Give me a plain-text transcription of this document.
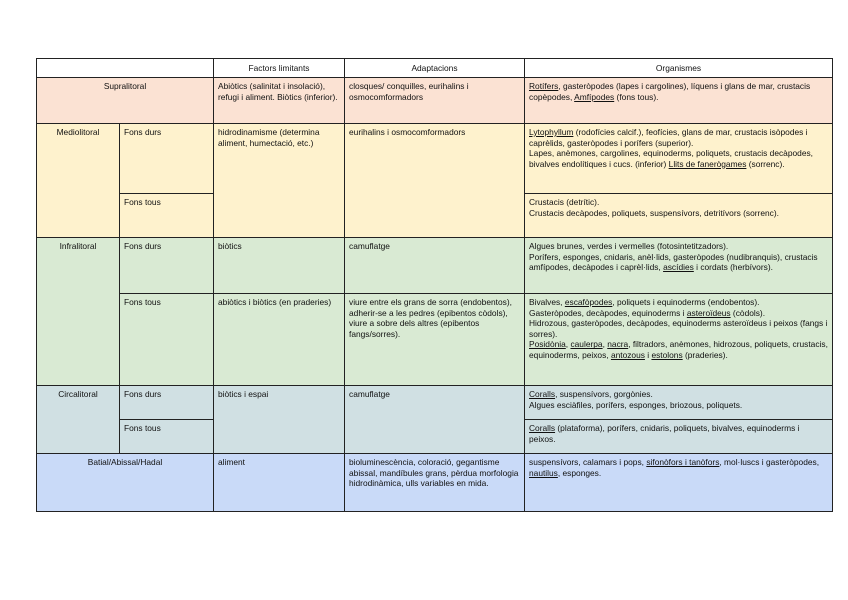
		Factors limitants	Adaptacions	Organismes
Supralitoral		Abiòtics (salinitat i insolació), refugi i aliment. Biòtics (inferior).	closques/ conquilles, eurihalins i osmocomformadors	Rotífers, gasteròpodes (lapes i cargolines), líquens i glans de mar, crustacis copèpodes, Amfípodes (fons tous).
Mediolitoral	Fons durs	hidrodinamisme (determina aliment, humectació, etc.)	eurihalins i osmocomformadors	Lytophyllum (rodofícies calcif.), feofícies, glans de mar, crustacis isòpodes i caprèlids, gasteròpodes i porífers (superior).
Lapes, anèmones, cargolines, equinoderms, poliquets, crustacis decàpodes, bivalves endolítiques i cucs. (inferior) Llits de fanerògames (sorrenc).

	Fons tous			Crustacis (detrític).
Crustacis decàpodes, poliquets, suspensívors, detritívors (sorrenc).

Infralitoral	Fons durs	biòtics	camuflatge	Algues brunes, verdes i vermelles (fotosintetitzadors).
Porífers, esponges, cnidaris, anèl·lids, gasteròpodes (nudibranquis), crustacis amfípodes, decàpodes i caprèl·lids, ascídies i cordats (herbívors).

	Fons tous	abiòtics i biòtics (en praderies)	viure entre els grans de sorra (endobentos), adherir-se a les pedres (epibentos còdols), viure a sobre dels altres (epibentos fangs/sorres).	Bivalves, escafòpodes, poliquets i equinoderms (endobentos).
Gasteròpodes, decàpodes, equinoderms i asteroïdeus (còdols).
Hidrozous, gasteròpodes, decàpodes, equinoderms asteroïdeus i peixos (fangs i sorres).
Posidònia, caulerpa, nacra, filtradors, anèmones, hidrozous, poliquets, crustacis, equinoderms, peixos, antozous i estolons (praderies).

Circalitoral	Fons durs	biòtics i espai	camuflatge	Coralls, suspensívors, gorgònies.
Algues esciàfiles, porífers, esponges, briozous, poliquets.

	Fons tous			Coralls (plataforma), porífers, cnidaris, poliquets, bivalves, equinoderms i peixos.
Batial/Abissal/Hadal		aliment	bioluminescència, coloració, gegantisme abissal, mandíbules grans, pèrdua morfologia hidrodinàmica, ulls variables en mida.	suspensívors, calamars i pops, sifonòfors i tanòfors, mol·luscs i gasteròpodes, nautilus, esponges.
